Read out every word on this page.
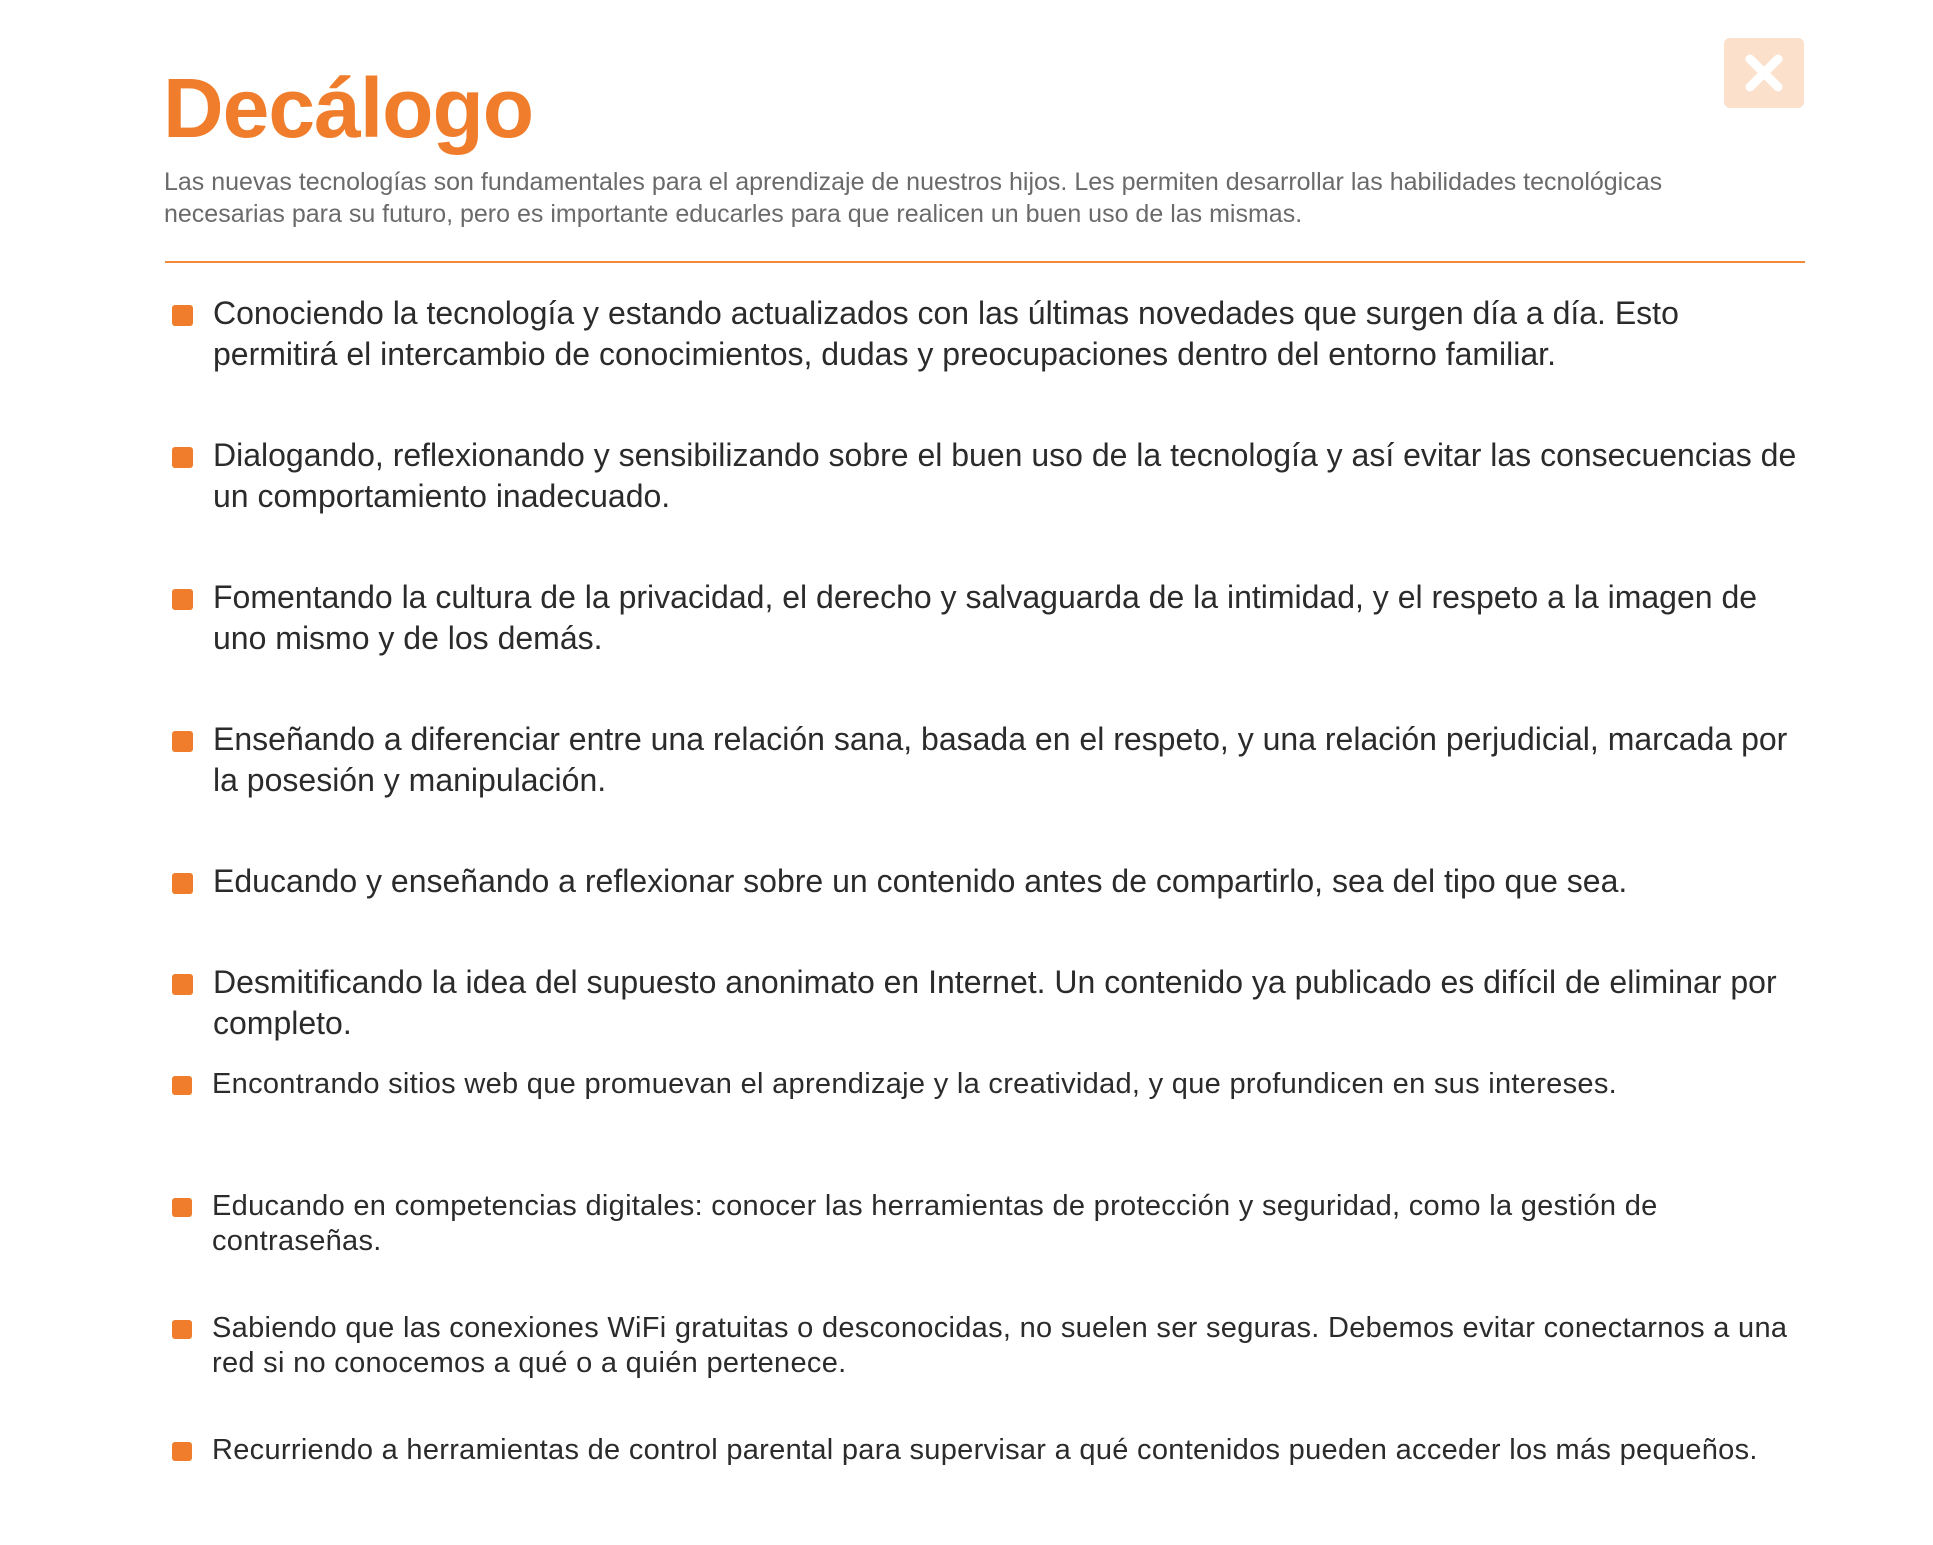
Decálogo

Las nuevas tecnologías son fundamentales para el aprendizaje de nuestros hijos. Les permiten desarrollar las habilidades tecnológicas necesarias para su futuro, pero es importante educarles para que realicen un buen uso de las mismas.

Conociendo la tecnología y estando actualizados con las últimas novedades que surgen día a día. Esto permitirá el intercambio de conocimientos, dudas y preocupaciones dentro del entorno familiar.
Dialogando, reflexionando y sensibilizando sobre el buen uso de la tecnología y así evitar las consecuencias de un comportamiento inadecuado.
Fomentando la cultura de la privacidad, el derecho y salvaguarda de la intimidad, y el respeto a la imagen de uno mismo y de los demás.
Enseñando a diferenciar entre una relación sana, basada en el respeto, y una relación perjudicial, marcada por la posesión y manipulación.
Educando y enseñando a reflexionar sobre un contenido antes de compartirlo, sea del tipo que sea.
Desmitificando la idea del supuesto anonimato en Internet. Un contenido ya publicado es difícil de eliminar por completo.
Encontrando sitios web que promuevan el aprendizaje y la creatividad, y que profundicen en sus intereses.
Educando en competencias digitales: conocer las herramientas de protección y seguridad, como la gestión de contraseñas.
Sabiendo que las conexiones WiFi gratuitas o desconocidas, no suelen ser seguras. Debemos evitar conectarnos a una red si no conocemos a qué o a quién pertenece.
Recurriendo a herramientas de control parental para supervisar a qué contenidos pueden acceder los más pequeños.
